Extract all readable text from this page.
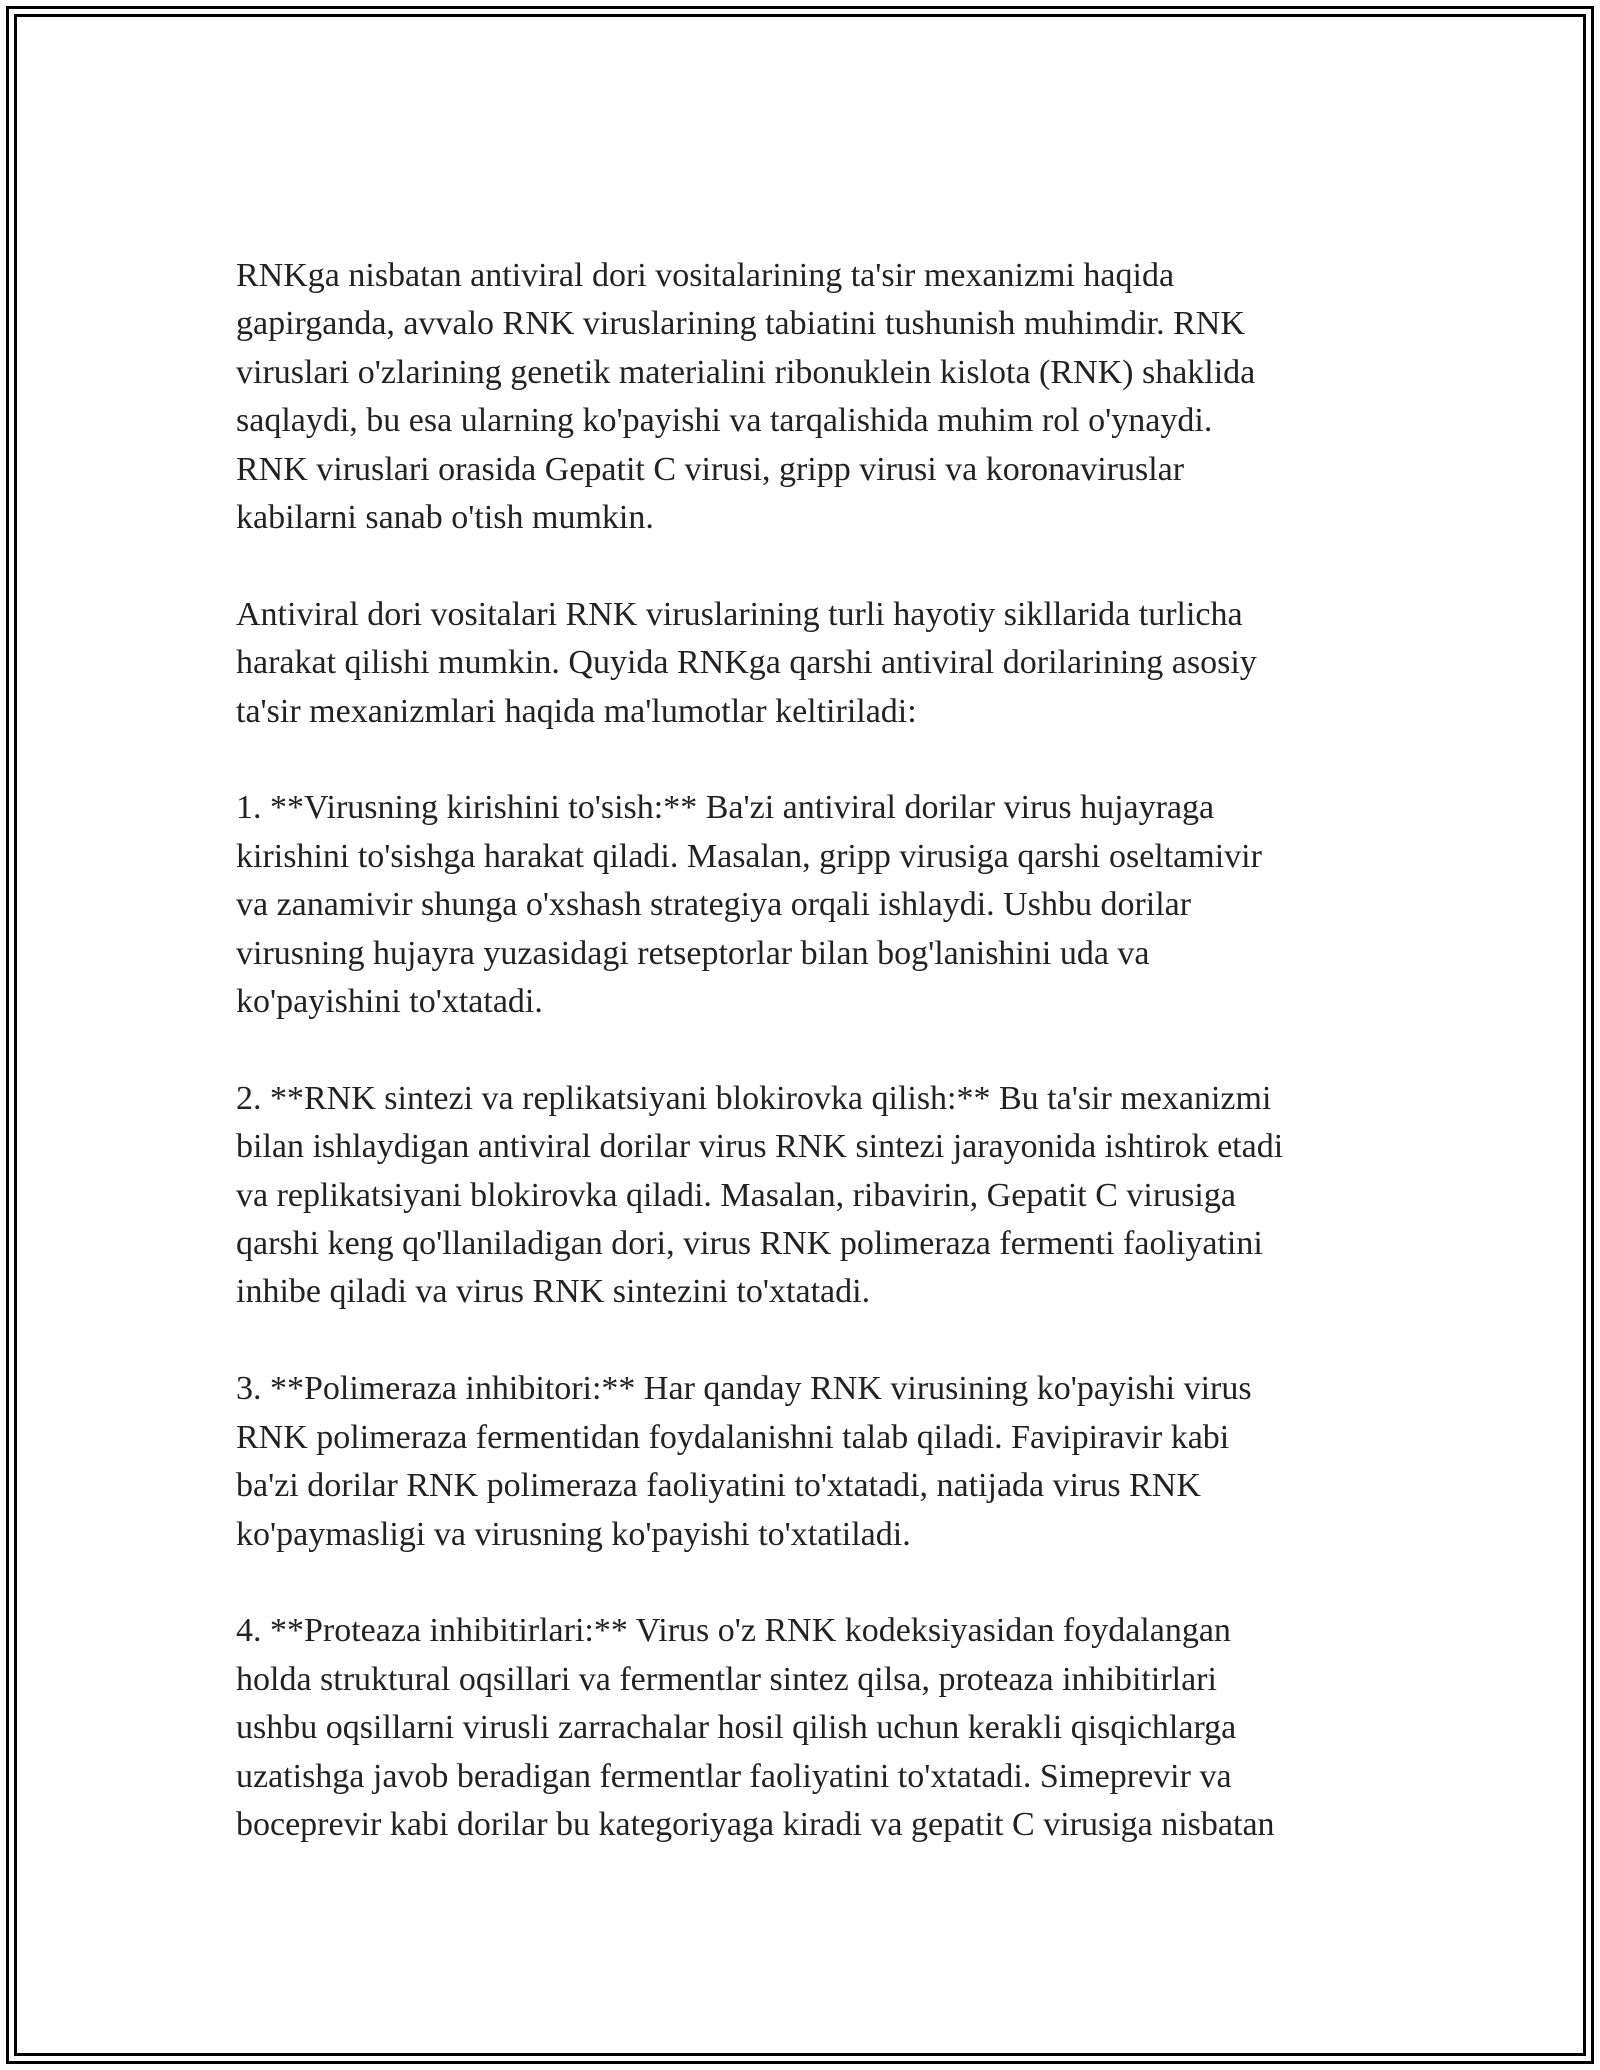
RNKga nisbatan antiviral dori vositalarining ta'sir mexanizmi haqida
gapirganda, avvalo RNK viruslarining tabiatini tushunish muhimdir. RNK
viruslari o'zlarining genetik materialini ribonuklein kislota (RNK) shaklida
saqlaydi, bu esa ularning ko'payishi va tarqalishida muhim rol o'ynaydi.
RNK viruslari orasida Gepatit C virusi, gripp virusi va koronaviruslar
kabilarni sanab o'tish mumkin.

Antiviral dori vositalari RNK viruslarining turli hayotiy sikllarida turlicha
harakat qilishi mumkin. Quyida RNKga qarshi antiviral dorilarining asosiy
ta'sir mexanizmlari haqida ma'lumotlar keltiriladi:

1. **Virusning kirishini to'sish:** Ba'zi antiviral dorilar virus hujayraga
kirishini to'sishga harakat qiladi. Masalan, gripp virusiga qarshi oseltamivir
va zanamivir shunga o'xshash strategiya orqali ishlaydi. Ushbu dorilar
virusning hujayra yuzasidagi retseptorlar bilan bog'lanishini uda va
ko'payishini to'xtatadi.

2. **RNK sintezi va replikatsiyani blokirovka qilish:** Bu ta'sir mexanizmi
bilan ishlaydigan antiviral dorilar virus RNK sintezi jarayonida ishtirok etadi
va replikatsiyani blokirovka qiladi. Masalan, ribavirin, Gepatit C virusiga
qarshi keng qo'llaniladigan dori, virus RNK polimeraza fermenti faoliyatini
inhibe qiladi va virus RNK sintezini to'xtatadi.

3. **Polimeraza inhibitori:** Har qanday RNK virusining ko'payishi virus
RNK polimeraza fermentidan foydalanishni talab qiladi. Favipiravir kabi
ba'zi dorilar RNK polimeraza faoliyatini to'xtatadi, natijada virus RNK
ko'paymasligi va virusning ko'payishi to'xtatiladi.

4. **Proteaza inhibitirlari:** Virus o'z RNK kodeksiyasidan foydalangan
holda struktural oqsillari va fermentlar sintez qilsa, proteaza inhibitirlari
ushbu oqsillarni virusli zarrachalar hosil qilish uchun kerakli qisqichlarga
uzatishga javob beradigan fermentlar faoliyatini to'xtatadi. Simeprevir va
boceprevir kabi dorilar bu kategoriyaga kiradi va gepatit C virusiga nisbatan
